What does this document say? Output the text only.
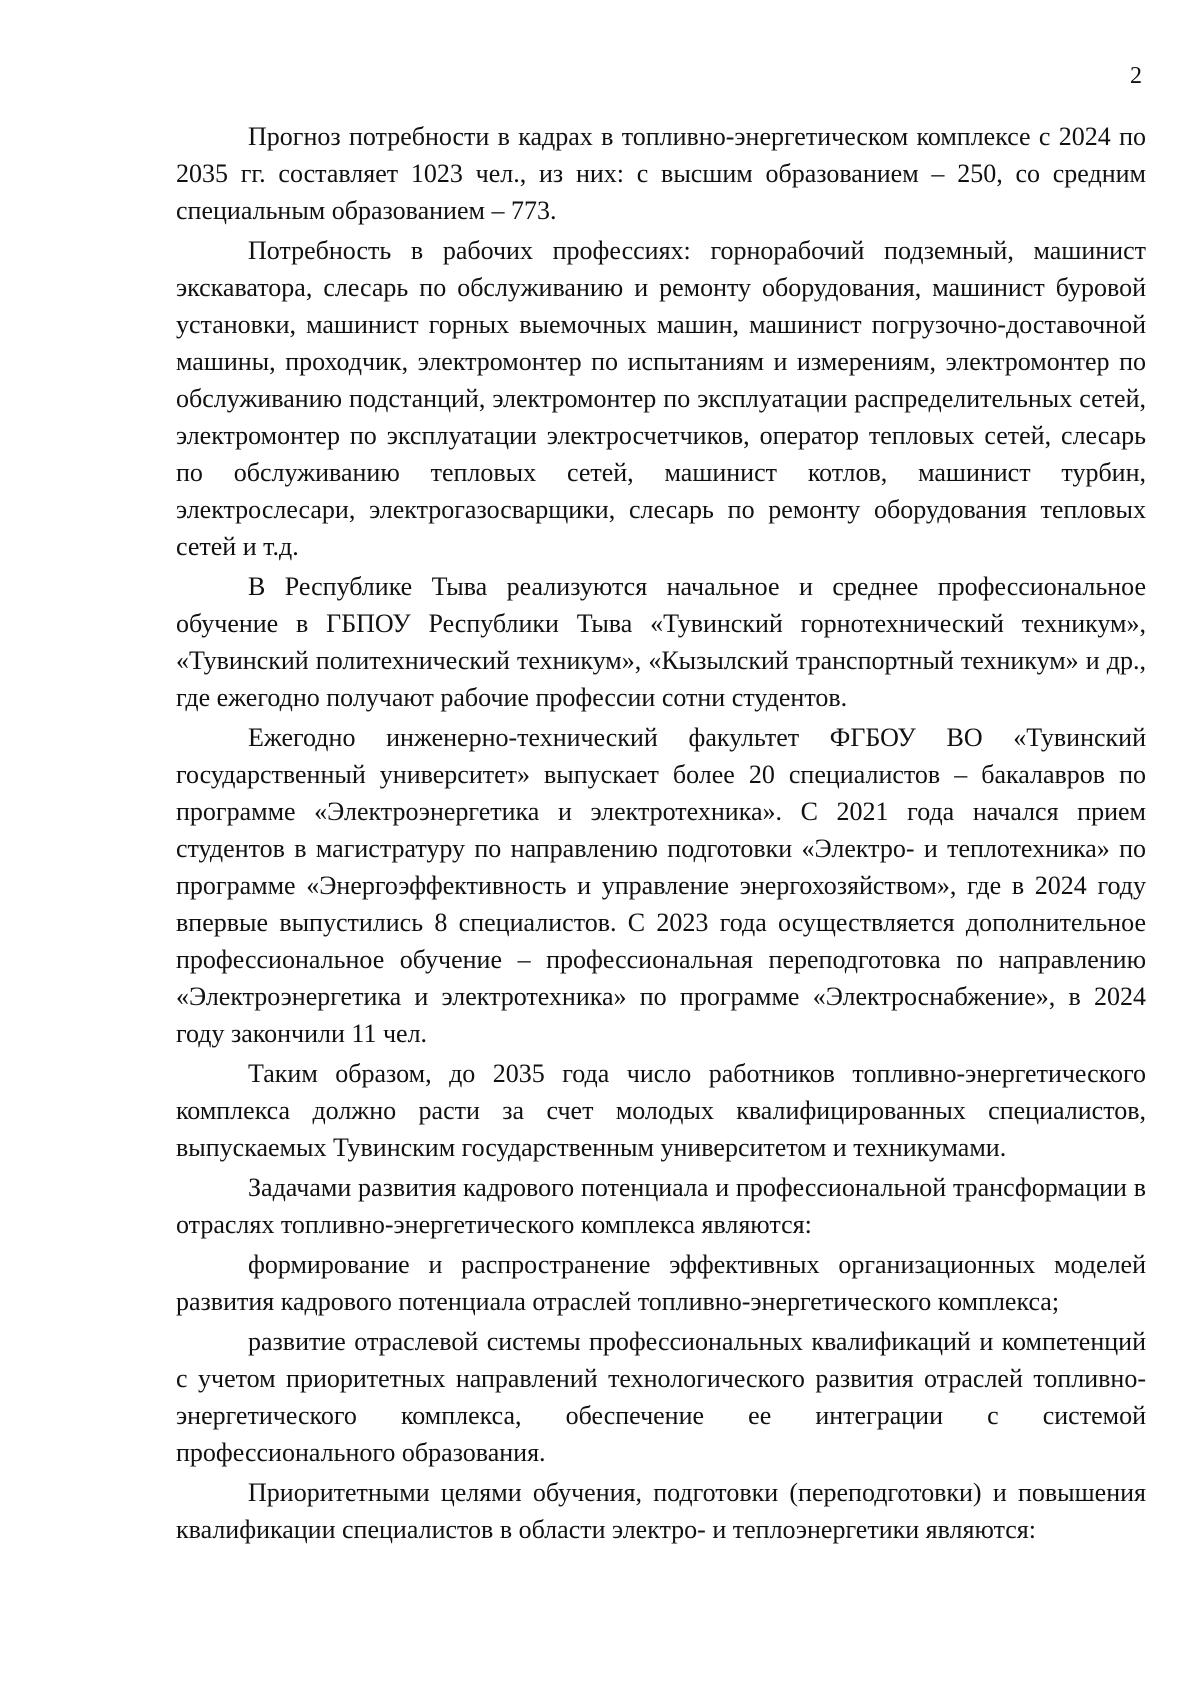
2

Прогноз потребности в кадрах в топливно-энергетическом комплексе с 2024 по 2035 гг. составляет 1023 чел., из них: с высшим образованием – 250, со средним специальным образованием – 773.

Потребность в рабочих профессиях: горнорабочий подземный, машинист экскаватора, слесарь по обслуживанию и ремонту оборудования, машинист буровой установки, машинист горных выемочных машин, машинист погрузочно-доставочной машины, проходчик, электромонтер по испытаниям и измерениям, электромонтер по обслуживанию подстанций, электромонтер по эксплуатации распределительных сетей, электромонтер по эксплуатации электросчетчиков, оператор тепловых сетей, слесарь по обслуживанию тепловых сетей, машинист котлов, машинист турбин, электрослесари, электрогазосварщики, слесарь по ремонту оборудования тепловых сетей и т.д.

В Республике Тыва реализуются начальное и среднее профессиональное обучение в ГБПОУ Республики Тыва «Тувинский горнотехнический техникум», «Тувинский политехнический техникум», «Кызылский транспортный техникум» и др., где ежегодно получают рабочие профессии сотни студентов.

Ежегодно инженерно-технический факультет ФГБОУ ВО «Тувинский государственный университет» выпускает более 20 специалистов – бакалавров по программе «Электроэнергетика и электротехника». С 2021 года начался прием студентов в магистратуру по направлению подготовки «Электро- и теплотехника» по программе «Энергоэффективность и управление энергохозяйством», где в 2024 году впервые выпустились 8 специалистов. С 2023 года осуществляется дополнительное профессиональное обучение – профессиональная переподготовка по направлению «Электроэнергетика и электротехника» по программе «Электроснабжение», в 2024 году закончили 11 чел.

Таким образом, до 2035 года число работников топливно-энергетического комплекса должно расти за счет молодых квалифицированных специалистов, выпускаемых Тувинским государственным университетом и техникумами.

Задачами развития кадрового потенциала и профессиональной трансформации в отраслях топливно-энергетического комплекса являются:

формирование и распространение эффективных организационных моделей развития кадрового потенциала отраслей топливно-энергетического комплекса;

развитие отраслевой системы профессиональных квалификаций и компетенций с учетом приоритетных направлений технологического развития отраслей топливно-энергетического комплекса, обеспечение ее интеграции с системой профессионального образования.

Приоритетными целями обучения, подготовки (переподготовки) и повышения квалификации специалистов в области электро- и теплоэнергетики являются:
